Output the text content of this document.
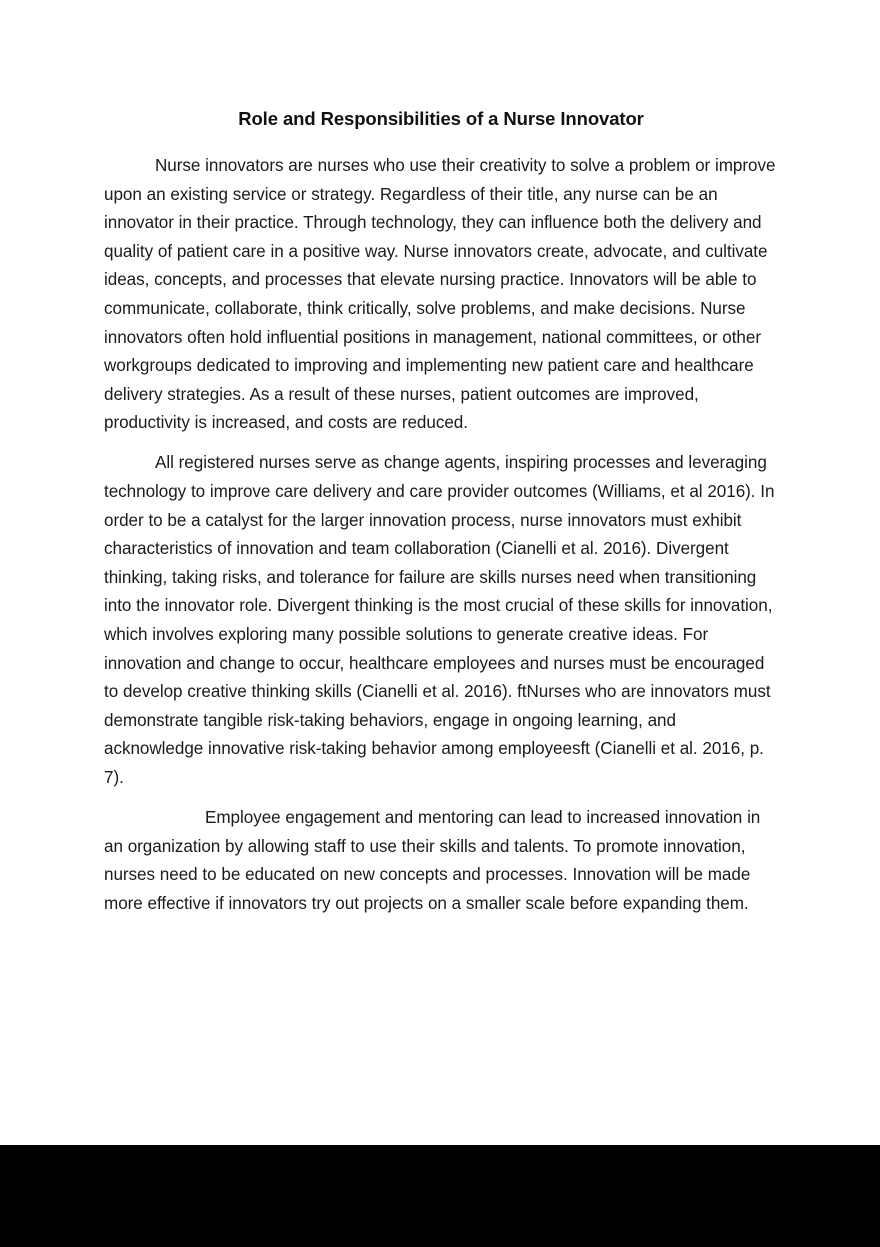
Role and Responsibilities of a Nurse Innovator

Nurse innovators are nurses who use their creativity to solve a problem or improve upon an existing service or strategy. Regardless of their title, any nurse can be an innovator in their practice. Through technology, they can influence both the delivery and quality of patient care in a positive way. Nurse innovators create, advocate, and cultivate ideas, concepts, and processes that elevate nursing practice. Innovators will be able to communicate, collaborate, think critically, solve problems, and make decisions. Nurse innovators often hold influential positions in management, national committees, or other workgroups dedicated to improving and implementing new patient care and healthcare delivery strategies. As a result of these nurses, patient outcomes are improved, productivity is increased, and costs are reduced.

All registered nurses serve as change agents, inspiring processes and leveraging technology to improve care delivery and care provider outcomes (Williams, et al 2016). In order to be a catalyst for the larger innovation process, nurse innovators must exhibit characteristics of innovation and team collaboration (Cianelli et al. 2016). Divergent thinking, taking risks, and tolerance for failure are skills nurses need when transitioning into the innovator role. Divergent thinking is the most crucial of these skills for innovation, which involves exploring many possible solutions to generate creative ideas. For innovation and change to occur, healthcare employees and nurses must be encouraged to develop creative thinking skills (Cianelli et al. 2016). ftNurses who are innovators must demonstrate tangible risk-taking behaviors, engage in ongoing learning, and acknowledge innovative risk-taking behavior among employeesft (Cianelli et al. 2016, p. 7).

Employee engagement and mentoring can lead to increased innovation in an organization by allowing staff to use their skills and talents. To promote innovation, nurses need to be educated on new concepts and processes. Innovation will be made more effective if innovators try out projects on a smaller scale before expanding them.
